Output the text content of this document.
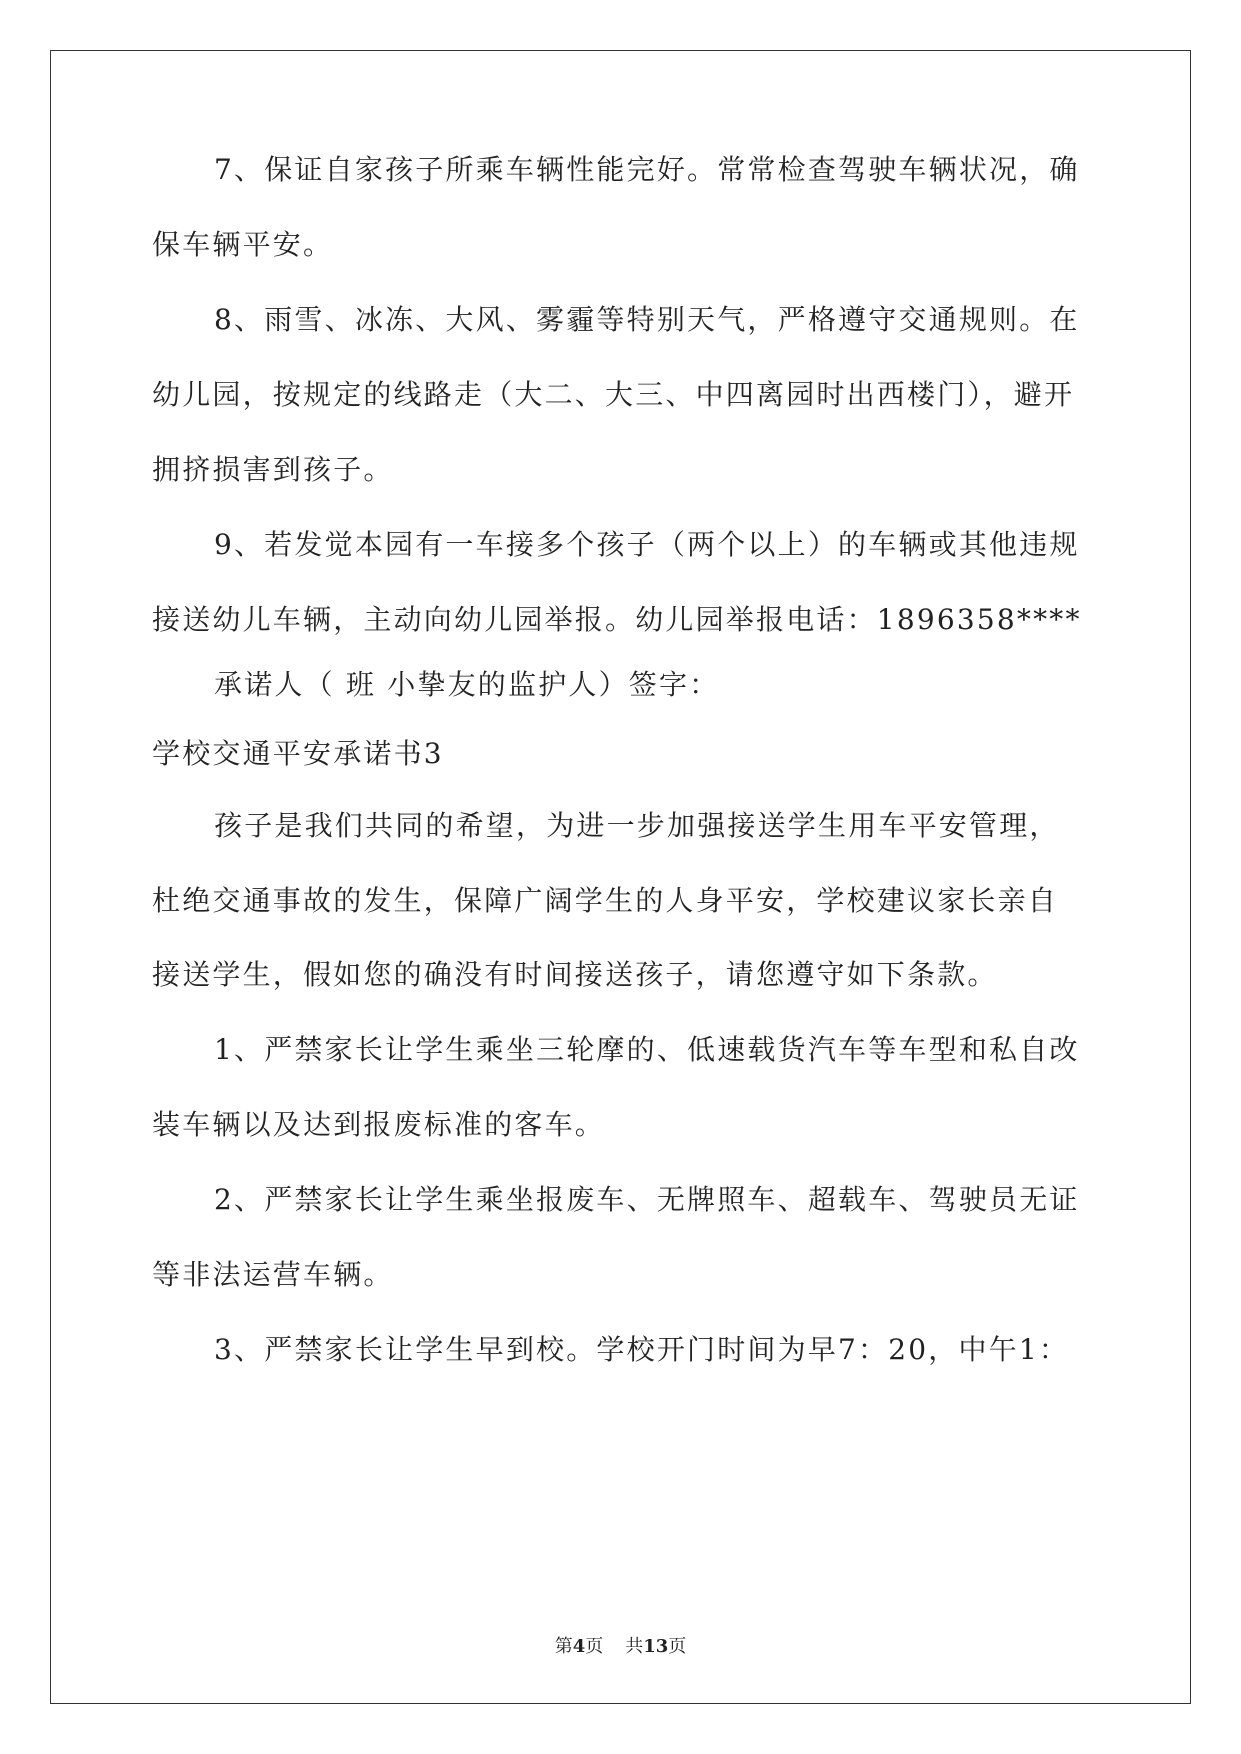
7、保证自家孩子所乘车辆性能完好。常常检查驾驶车辆状况，确
保车辆平安。
8、雨雪、冰冻、大风、雾霾等特别天气，严格遵守交通规则。在
幼儿园，按规定的线路走（大二、大三、中四离园时出西楼门），避开
拥挤损害到孩子。
9、若发觉本园有一车接多个孩子（两个以上）的车辆或其他违规
接送幼儿车辆，主动向幼儿园举报。幼儿园举报电话：1896358****
承诺人（ 班 小挚友的监护人）签字：
学校交通平安承诺书3
孩子是我们共同的希望，为进一步加强接送学生用车平安管理，
杜绝交通事故的发生，保障广阔学生的人身平安，学校建议家长亲自
接送学生，假如您的确没有时间接送孩子，请您遵守如下条款。
1、严禁家长让学生乘坐三轮摩的、低速载货汽车等车型和私自改
装车辆以及达到报废标准的客车。
2、严禁家长让学生乘坐报废车、无牌照车、超载车、驾驶员无证
等非法运营车辆。
3、严禁家长让学生早到校。学校开门时间为早7：20，中午1：
第4页 共13页
